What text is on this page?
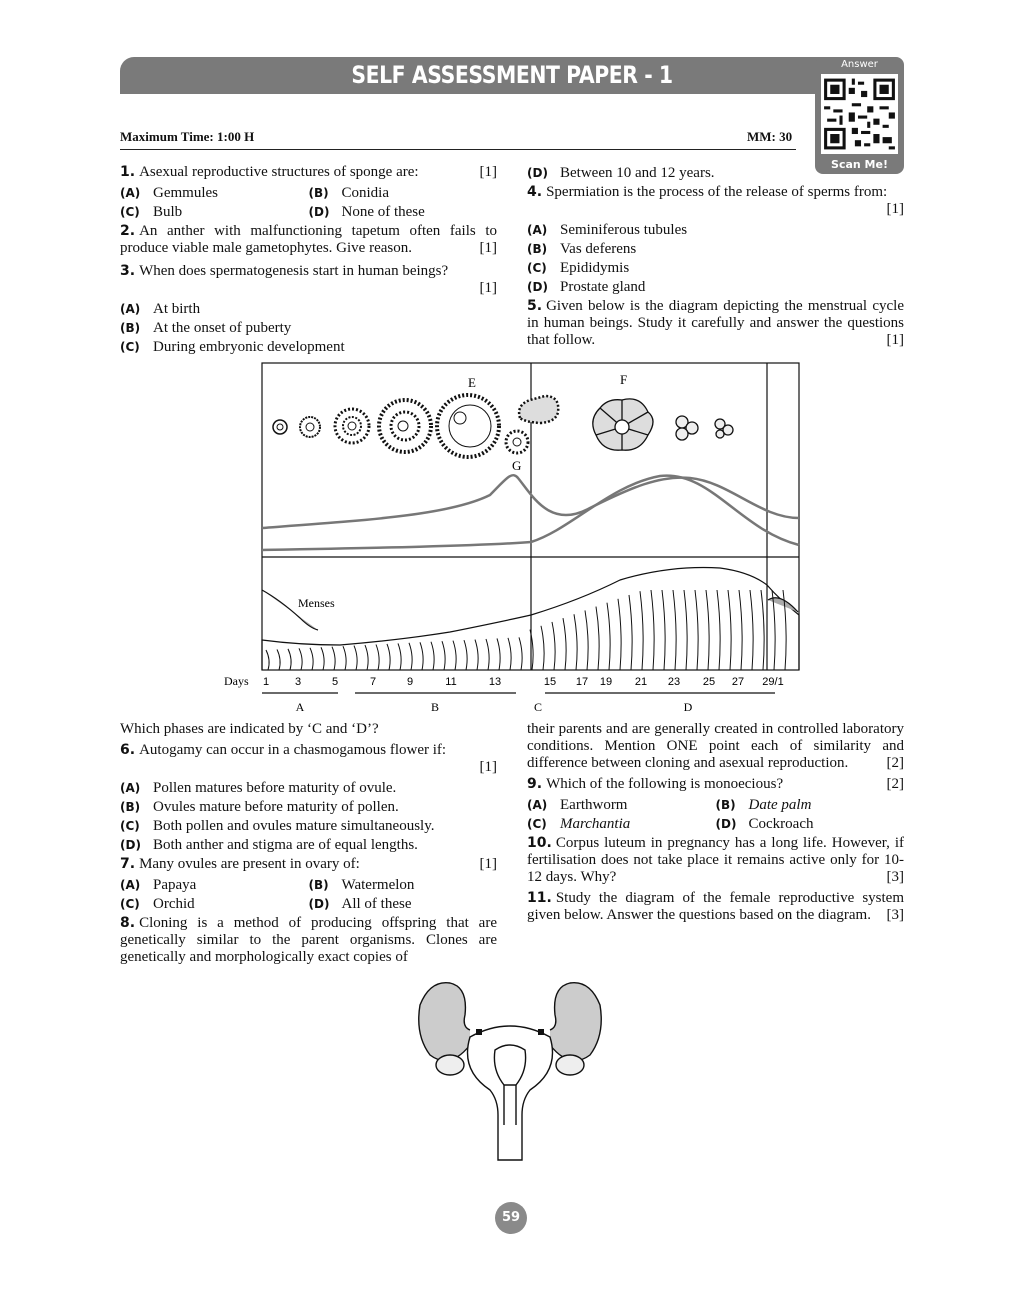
SELF ASSESSMENT PAPER - 1	Answer
Scan Me!
Maximum Time: 1:00 H	MM: 30
1. Asexual reproductive structures of sponge are:	[1]
(A) Gemmules	(B) Conidia
(C) Bulb	(D) None of these
2. An anther with malfunctioning tapetum often fails to produce viable male gametophytes. Give reason.	[1]
3. When does spermatogenesis start in human beings?

[1]
(A) At birth
(B) At the onset of puberty
(C) During embryonic development
(D) Between 10 and 12 years.
4. Spermiation is the process of the release of sperms from:
[1]
(A) Seminiferous tubules
(B) Vas deferens
(C) Epididymis
(D) Prostate gland
5. Given below is the diagram depicting the menstrual cycle in human beings. Study it carefully and answer the questions that follow.	[1]
E	F
G
Menses
Days 1 3	5	7	9	11	13	15 17 19 21 23 25 27 29/1
A	B	C	D
Which phases are indicated by ‘C and ‘D’?
6. Autogamy can occur in a chasmogamous flower if:

[1]
(A) Pollen matures before maturity of ovule.
(B) Ovules mature before maturity of pollen.
(C) Both pollen and ovules mature simultaneously.
(D) Both anther and stigma are of equal lengths.
7. Many ovules are present in ovary of:	[1]
(A) Papaya	(B) Watermelon
(C) Orchid	(D) All of these
8. Cloning is a method of producing offspring that are genetically similar to the parent organisms. Clones are genetically and morphologically exact copies of
their parents and are generally created in controlled laboratory conditions. Mention ONE point each of similarity and difference between cloning and asexual reproduction.	[2]
9. Which of the following is monoecious?	[2]
(A) Earthworm	(B) Date palm
(C) Marchantia	(D) Cockroach
10. Corpus luteum in pregnancy has a long life. However, if fertilisation does not take place it remains active only for 10-12 days. Why?	[3]
11. Study the diagram of the female reproductive system given below. Answer the questions based on the diagram. [3]
59
